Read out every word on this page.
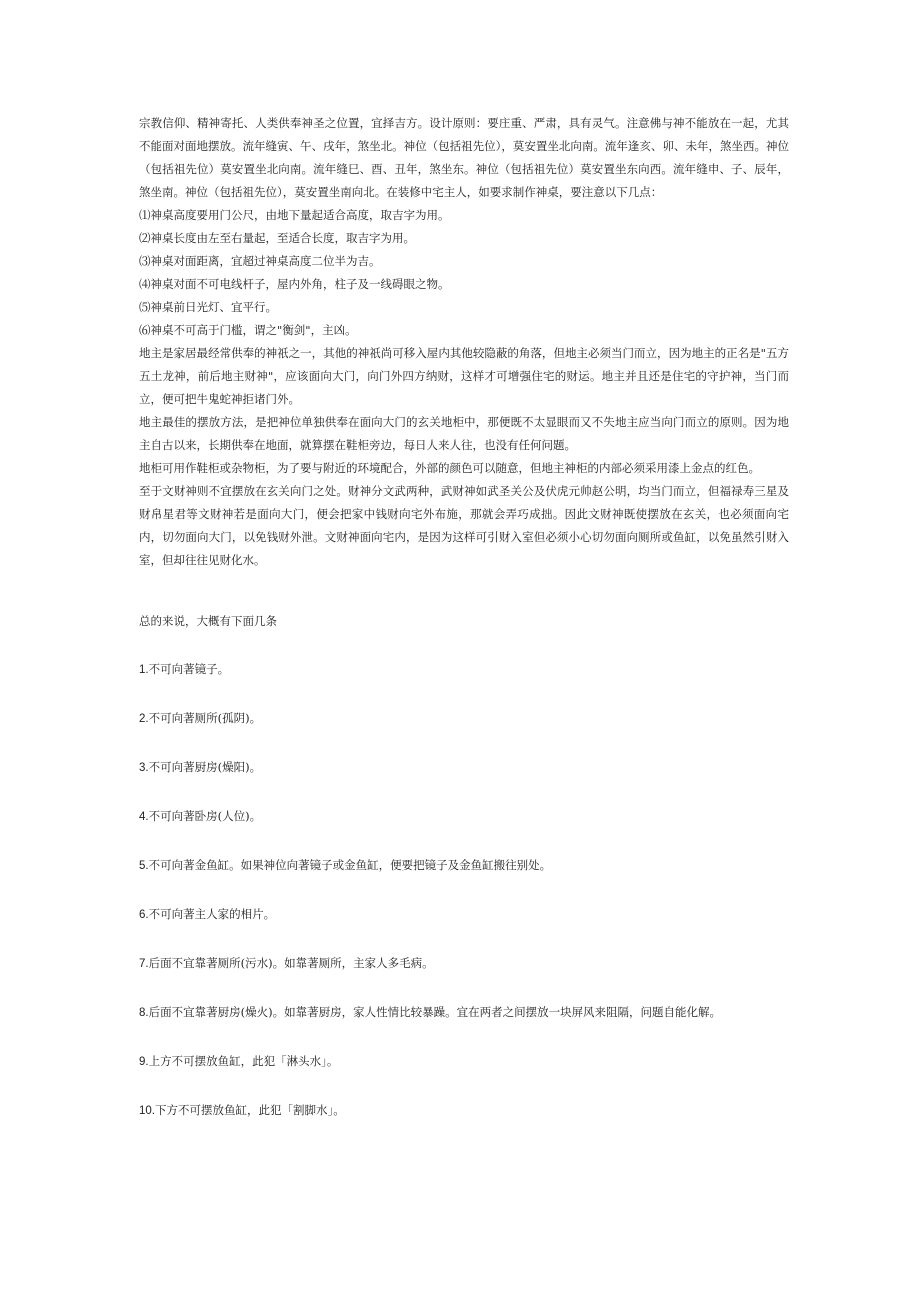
宗教信仰、精神寄托、人类供奉神圣之位置，宜择吉方。设计原则：要庄重、严肃，具有灵气。注意佛与神不能放在一起，尤其不能面对面地摆放。流年缝寅、午、戌年，煞坐北。神位（包括祖先位），莫安置坐北向南。流年逢亥、卯、未年，煞坐西。神位（包括祖先位）莫安置坐北向南。流年缝巳、酉、丑年，煞坐东。神位（包括祖先位）莫安置坐东向西。流年缝申、子、辰年，煞坐南。神位（包括祖先位），莫安置坐南向北。在装修中宅主人，如要求制作神桌，要注意以下几点：

⑴神桌高度要用门公尺，由地下量起适合高度，取吉字为用。

⑵神桌长度由左至右量起，至适合长度，取吉字为用。

⑶神桌对面距离，宜超过神桌高度二位半为吉。

⑷神桌对面不可电线杆子，屋内外角，柱子及一线碍眼之物。

⑸神桌前日光灯、宜平行。

⑹神桌不可高于门槛，谓之"衡剑"，主凶。

地主是家居最经常供奉的神祇之一，其他的神祇尚可移入屋内其他较隐蔽的角落，但地主必须当门而立，因为地主的正名是"五方五土龙神，前后地主财神"，应该面向大门，向门外四方纳财，这样才可增强住宅的财运。地主并且还是住宅的守护神，当门而立，便可把牛鬼蛇神拒诸门外。

地主最佳的摆放方法，是把神位单独供奉在面向大门的玄关地柜中，那便既不太显眼而又不失地主应当向门而立的原则。因为地主自古以来，长期供奉在地面，就算摆在鞋柜旁边，每日人来人往，也没有任何问题。

地柜可用作鞋柜或杂物柜，为了要与附近的环境配合，外部的颜色可以随意，但地主神柜的内部必须采用漆上金点的红色。

至于文财神则不宜摆放在玄关向门之处。财神分文武两种，武财神如武圣关公及伏虎元帅赵公明，均当门而立，但福禄寿三星及财帛星君等文财神若是面向大门，便会把家中钱财向宅外布施，那就会弄巧成拙。因此文财神既使摆放在玄关，也必须面向宅内，切勿面向大门，以免钱财外泄。文财神面向宅内，是因为这样可引财入室但必须小心切勿面向厕所或鱼缸，以免虽然引财入室，但却往往见财化水。

总的来说，大概有下面几条

1.不可向著镜子。
2.不可向著厕所(孤阴)。
3.不可向著厨房(燥阳)。
4.不可向著卧房(人位)。
5.不可向著金鱼缸。如果神位向著镜子或金鱼缸，便要把镜子及金鱼缸搬往别处。
6.不可向著主人家的相片。
7.后面不宜靠著厕所(污水)。如靠著厕所，主家人多毛病。
8.后面不宜靠著厨房(燥火)。如靠著厨房，家人性情比较暴躁。宜在两者之间摆放一块屏风来阻隔，问题自能化解。
9.上方不可摆放鱼缸，此犯「淋头水」。
10.下方不可摆放鱼缸，此犯「割脚水」。
